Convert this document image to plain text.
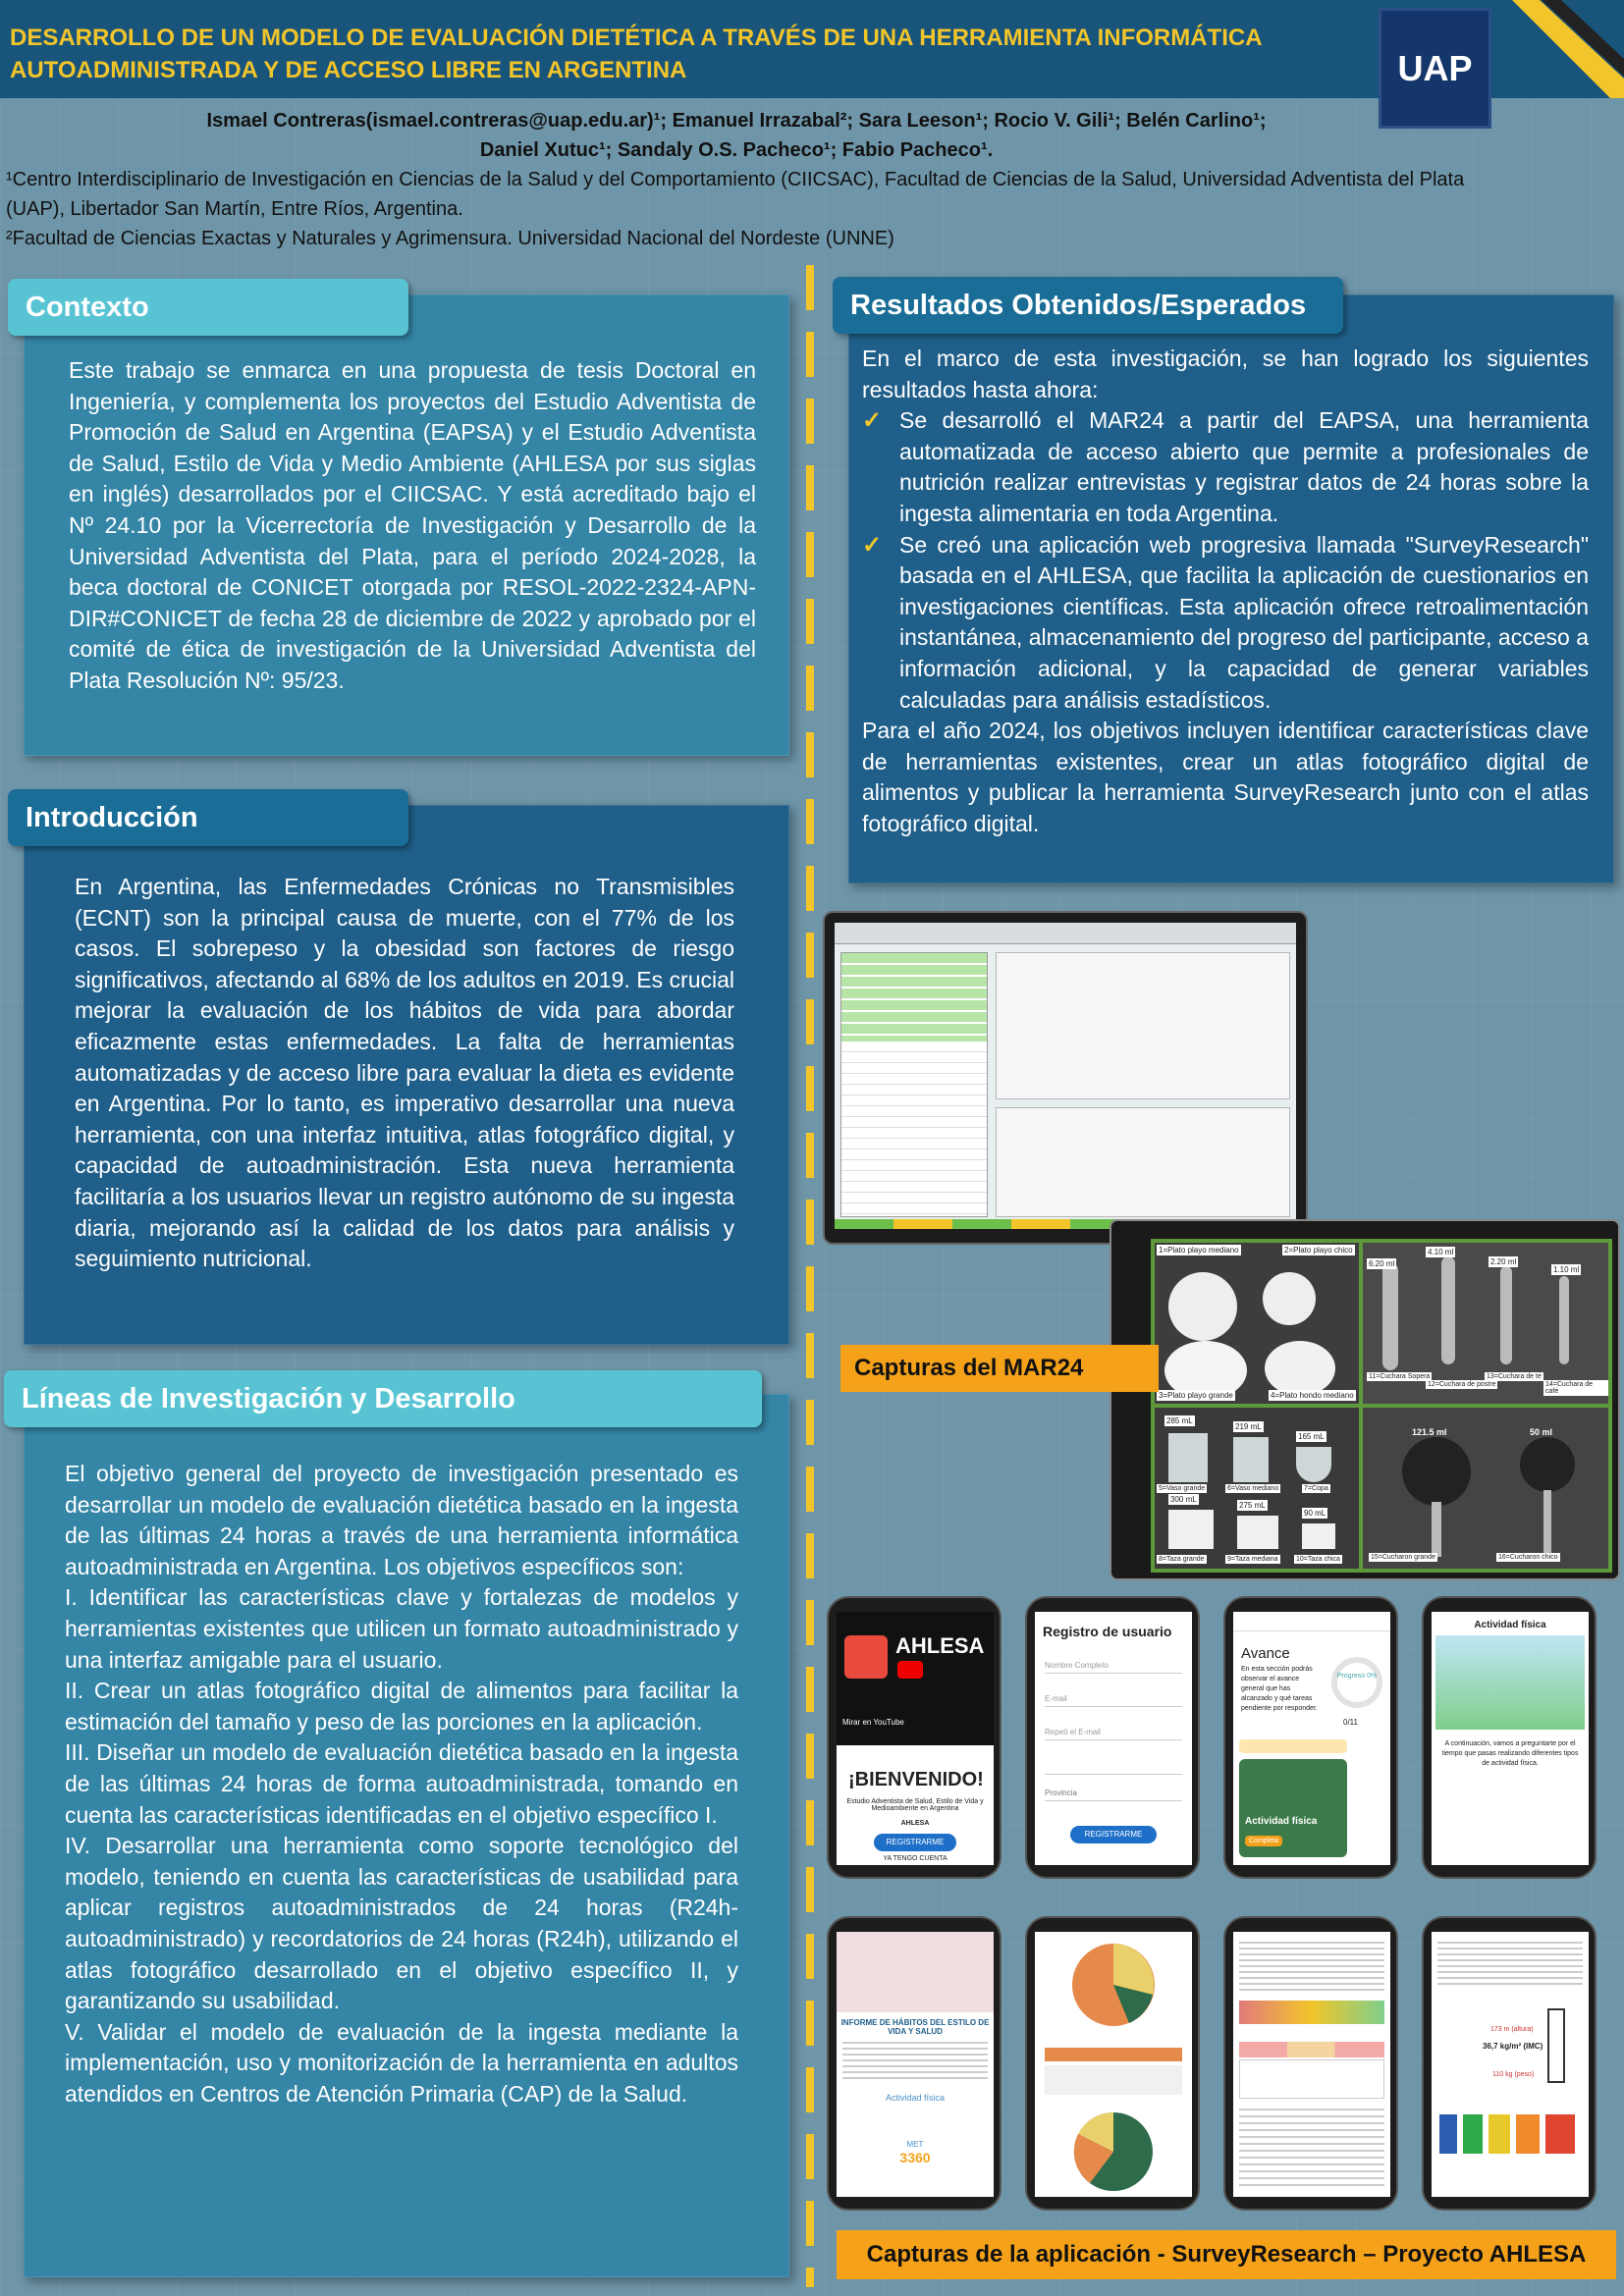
DESARROLLO DE UN MODELO DE EVALUACIÓN DIETÉTICA A TRAVÉS DE UNA HERRAMIENTA INFORMÁTICA AUTOADMINISTRADA Y DE ACCESO LIBRE EN ARGENTINA	UAP
Ismael Contreras(ismael.contreras@uap.edu.ar)¹; Emanuel Irrazabal²; Sara Leeson¹; Rocio V. Gili¹; Belén Carlino¹;
Daniel Xutuc¹; Sandaly O.S. Pacheco¹; Fabio Pacheco¹.
¹Centro Interdisciplinario de Investigación en Ciencias de la Salud y del Comportamiento (CIICSAC), Facultad de Ciencias de la Salud, Universidad Adventista del Plata (UAP), Libertador San Martín, Entre Ríos, Argentina.
²Facultad de Ciencias Exactas y Naturales y Agrimensura. Universidad Nacional del Nordeste (UNNE)
Contexto
Este trabajo se enmarca en una propuesta de tesis Doctoral en Ingeniería, y complementa los proyectos del Estudio Adventista de Promoción de Salud en Argentina (EAPSA) y el Estudio Adventista de Salud, Estilo de Vida y Medio Ambiente (AHLESA por sus siglas en inglés) desarrollados por el CIICSAC. Y está acreditado bajo el Nº 24.10 por la Vicerrectoría de Investigación y Desarrollo de la Universidad Adventista del Plata, para el período 2024-2028, la beca doctoral de CONICET otorgada por RESOL-2022-2324-APN-DIR#CONICET de fecha 28 de diciembre de 2022 y aprobado por el comité de ética de investigación de la Universidad Adventista del Plata Resolución Nº: 95/23.
Introducción
En Argentina, las Enfermedades Crónicas no Transmisibles (ECNT) son la principal causa de muerte, con el 77% de los casos. El sobrepeso y la obesidad son factores de riesgo significativos, afectando al 68% de los adultos en 2019. Es crucial mejorar la evaluación de los hábitos de vida para abordar eficazmente estas enfermedades. La falta de herramientas automatizadas y de acceso libre para evaluar la dieta es evidente en Argentina. Por lo tanto, es imperativo desarrollar una nueva herramienta, con una interfaz intuitiva, atlas fotográfico digital, y capacidad de autoadministración. Esta nueva herramienta facilitaría a los usuarios llevar un registro autónomo de su ingesta diaria, mejorando así la calidad de los datos para análisis y seguimiento nutricional.
Líneas de Investigación y Desarrollo
El objetivo general del proyecto de investigación presentado es desarrollar un modelo de evaluación dietética basado en la ingesta de las últimas 24 horas a través de una herramienta informática autoadministrada en Argentina. Los objetivos específicos son:
I. Identificar las características clave y fortalezas de modelos y herramientas existentes que utilicen un formato autoadministrado y una interfaz amigable para el usuario.
II. Crear un atlas fotográfico digital de alimentos para facilitar la estimación del tamaño y peso de las porciones en la aplicación.
III. Diseñar un modelo de evaluación dietética basado en la ingesta de las últimas 24 horas de forma autoadministrada, tomando en cuenta las características identificadas en el objetivo específico I.
IV. Desarrollar una herramienta como soporte tecnológico del modelo, teniendo en cuenta las características de usabilidad para aplicar registros autoadministrados de 24 horas (R24h-autoadministrado) y recordatorios de 24 horas (R24h), utilizando el atlas fotográfico desarrollado en el objetivo específico II, y garantizando su usabilidad.
V. Validar el modelo de evaluación de la ingesta mediante la implementación, uso y monitorización de la herramienta en adultos atendidos en Centros de Atención Primaria (CAP) de la Salud.
Resultados Obtenidos/Esperados
En el marco de esta investigación, se han logrado los siguientes resultados hasta ahora:
✓ Se desarrolló el MAR24 a partir del EAPSA, una herramienta automatizada de acceso abierto que permite a profesionales de nutrición realizar entrevistas y registrar datos de 24 horas sobre la ingesta alimentaria en toda Argentina.
✓ Se creó una aplicación web progresiva llamada "SurveyResearch" basada en el AHLESA, que facilita la aplicación de cuestionarios en investigaciones científicas. Esta aplicación ofrece retroalimentación instantánea, almacenamiento del progreso del participante, acceso a información adicional, y la capacidad de generar variables calculadas para análisis estadísticos.
Para el año 2024, los objetivos incluyen identificar características clave de herramientas existentes, crear un atlas fotográfico digital de alimentos y publicar la herramienta SurveyResearch junto con el atlas fotográfico digital.
1=Plato playo mediano	2=Plato playo chico
3=Plato playo grande	4=Plato hondo mediano
4.10 ml
6.20 ml	2.20 ml
1.10 ml
11=Cuchara Sopera
12=Cuchara de postre
13=Cuchara de té
14=Cuchara de café
285 mL
219 mL
165 mL
300 mL
275 mL
90 mL
5=Vaso grande	6=Vaso mediano	7=Copa
8=Taza grande	9=Taza mediana	10=Taza chica
121.5 ml	50 ml
15=Cucharon grande	16=Cucharon chico
Capturas del MAR24
AHLESA
Mirar en YouTube
¡BIENVENIDO!
Estudio Adventista de Salud, Estilo de Vida y Medioambiente en Argentina
AHLESA
REGISTRARME
YA TENGO CUENTA
Registro de usuario
Nombre Completo
E-mail
Repetí el E-mail
Provincia
REGISTRARME
Avance
En esta sección podrás observar el avance general que has alcanzado y qué tareas pendiente por responder.
Progreso 0%
0/11
Actividad física
Completa
Actividad física
A continuación, vamos a preguntarte por el tiempo que pasas realizando diferentes tipos de actividad física.
INFORME DE HÁBITOS DEL ESTILO DE VIDA Y SALUD
Actividad física
MET
3360
173 m (altura)
36,7 kg/m² (IMC)
110 kg (peso)
Capturas de la aplicación - SurveyResearch – Proyecto AHLESA
